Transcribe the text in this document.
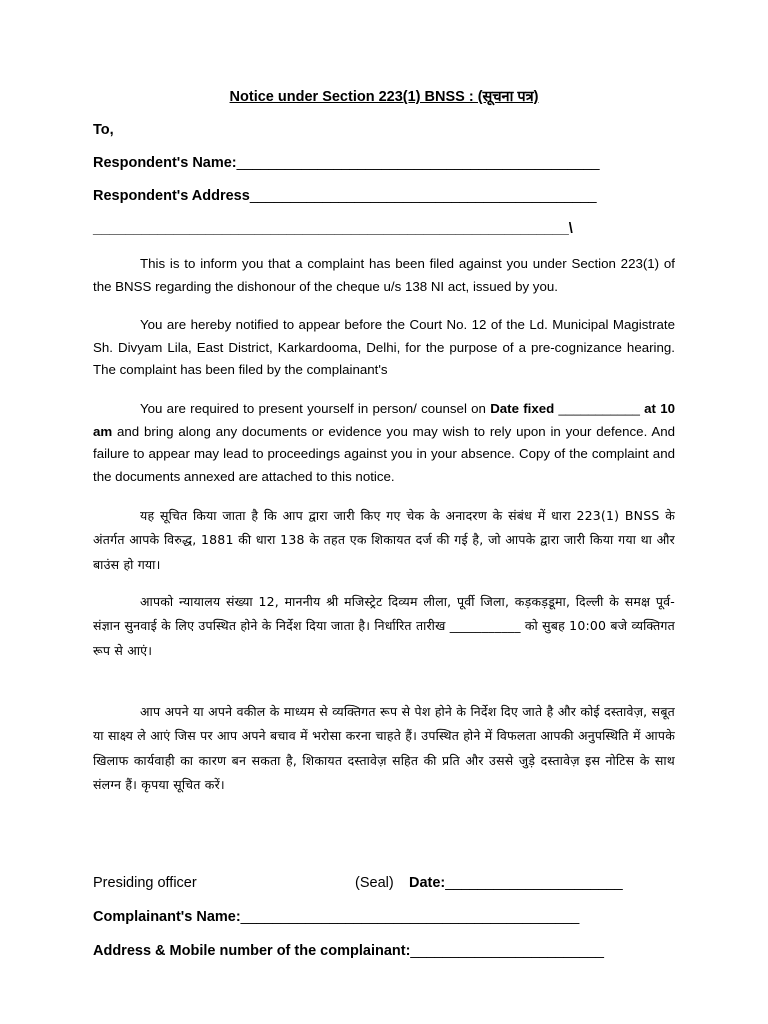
Notice under Section 223(1) BNSS : (सूचना पत्र)
To,
Respondent's Name:_____________________________________________
Respondent's Address___________________________________________
___________________________________________________________\
This is to inform you that a complaint has been filed against you under Section 223(1) of the BNSS regarding the dishonour of the cheque u/s 138 NI act, issued by you.
You are hereby notified to appear before the Court No. 12 of the Ld. Municipal Magistrate Sh. Divyam Lila, East District, Karkardooma, Delhi, for the purpose of a pre-cognizance hearing. The complaint has been filed by the complainant's
You are required to present yourself in person/ counsel on Date fixed ___________ at 10 am and bring along any documents or evidence you may wish to rely upon in your defence. And failure to appear may lead to proceedings against you in your absence. Copy of the complaint and the documents annexed are attached to this notice.
यह सूचित किया जाता है कि आप द्वारा जारी किए गए चेक के अनादरण के संबंध में धारा 223(1) BNSS के अंतर्गत आपके विरुद्ध, 1881 की धारा 138 के तहत एक शिकायत दर्ज की गई है, जो आपके द्वारा जारी किया गया था और बाउंस हो गया।
आपको न्यायालय संख्या 12, माननीय श्री मजिस्ट्रेट दिव्यम लीला, पूर्वी जिला, कड़कड़डूमा, दिल्ली के समक्ष पूर्व-संज्ञान सुनवाई के लिए उपस्थित होने के निर्देश दिया जाता है। निर्धारित तारीख ___________ को सुबह 10:00 बजे व्यक्तिगत रूप से आएं।
आप अपने या अपने वकील के माध्यम से व्यक्तिगत रूप से पेश होने के निर्देश दिए जाते है और कोई दस्तावेज़, सबूत या साक्ष्य ले आएं जिस पर आप अपने बचाव में भरोसा करना चाहते हैं। उपस्थित होने में विफलता आपकी अनुपस्थिति में आपके खिलाफ कार्यवाही का कारण बन सकता है, शिकायत दस्तावेज़ सहित की प्रति और उससे जुड़े दस्तावेज़ इस नोटिस के साथ संलग्न हैं। कृपया सूचित करें।
Presiding officer	(Seal) Date:______________________
Complainant's Name:__________________________________________
Address & Mobile number of the complainant:________________________
